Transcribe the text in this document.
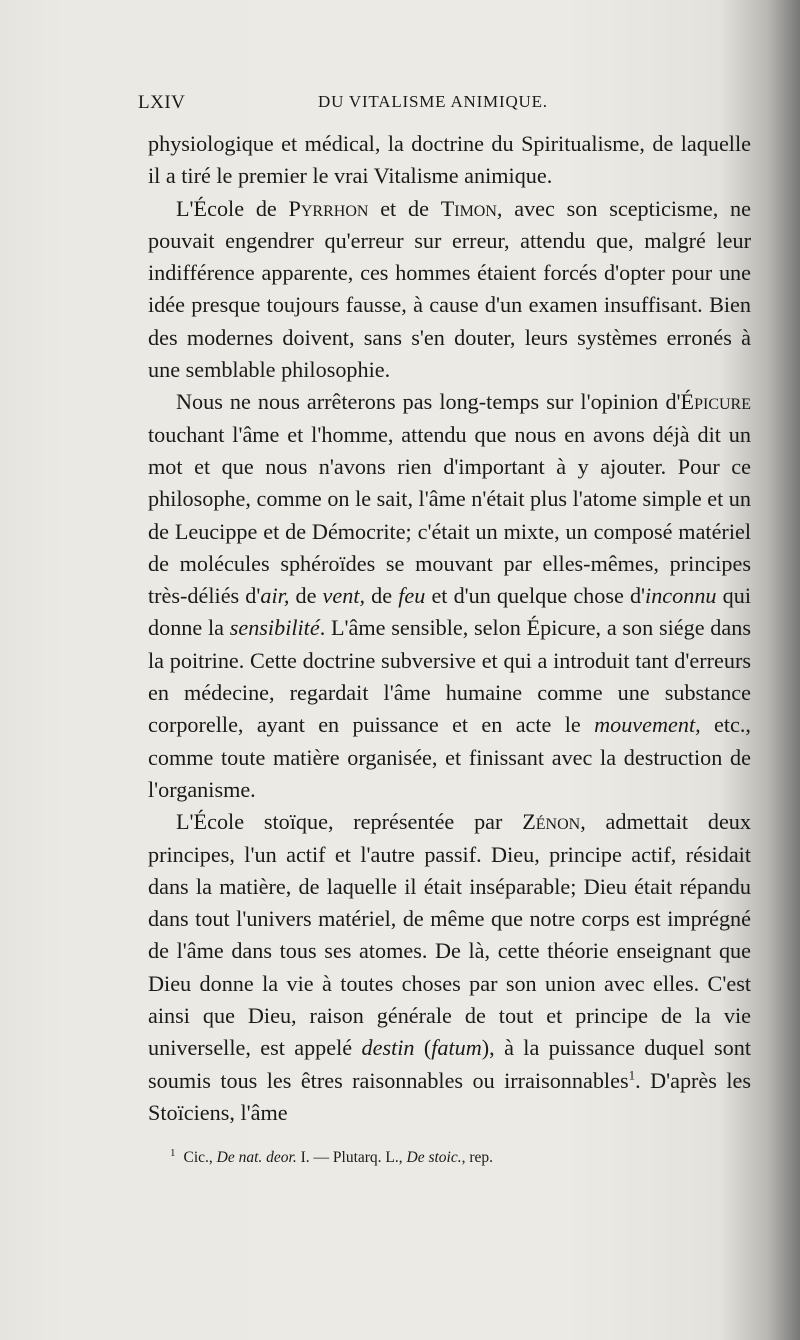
LXIV	DU VITALISME ANIMIQUE.

physiologique et médical, la doctrine du Spiritualisme, de laquelle il a tiré le premier le vrai Vitalisme animique.

L'École de Pyrrhon et de Timon, avec son scepticisme, ne pouvait engendrer qu'erreur sur erreur, attendu que, malgré leur indifférence apparente, ces hommes étaient forcés d'opter pour une idée presque toujours fausse, à cause d'un examen insuffisant. Bien des modernes doivent, sans s'en douter, leurs systèmes erronés à une semblable philosophie.

Nous ne nous arrêterons pas long-temps sur l'opinion d'Épicure touchant l'âme et l'homme, attendu que nous en avons déjà dit un mot et que nous n'avons rien d'important à y ajouter. Pour ce philosophe, comme on le sait, l'âme n'était plus l'atome simple et un de Leucippe et de Démocrite; c'était un mixte, un composé matériel de molécules sphéroïdes se mouvant par elles-mêmes, principes très-déliés d'air, de vent, de feu et d'un quelque chose d'inconnu qui donne la sensibilité. L'âme sensible, selon Épicure, a son siége dans la poitrine. Cette doctrine subversive et qui a introduit tant d'erreurs en médecine, regardait l'âme humaine comme une substance corporelle, ayant en puissance et en acte le mouvement, etc., comme toute matière organisée, et finissant avec la destruction de l'organisme.

L'École stoïque, représentée par Zénon, admettait deux principes, l'un actif et l'autre passif. Dieu, principe actif, résidait dans la matière, de laquelle il était inséparable; Dieu était répandu dans tout l'univers matériel, de même que notre corps est imprégné de l'âme dans tous ses atomes. De là, cette théorie enseignant que Dieu donne la vie à toutes choses par son union avec elles. C'est ainsi que Dieu, raison générale de tout et principe de la vie universelle, est appelé destin (fatum), à la puissance duquel sont soumis tous les êtres raisonnables ou irraisonnables$^1$. D'après les Stoïciens, l'âme

$^1$ Cic., De nat. deor. I. — Plutarq. L., De stoic., rep.
